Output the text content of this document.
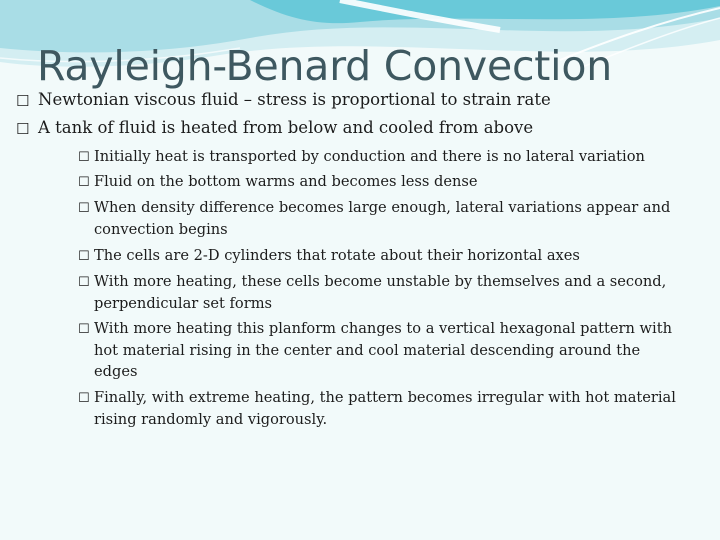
Rayleigh-Benard Convection

☐ Newtonian viscous fluid – stress is proportional to strain rate

☐ A tank of fluid is heated from below and cooled from above

☐ Initially heat is transported by conduction and there is no lateral variation

☐ Fluid on the bottom warms and becomes less dense

☐ When density difference becomes large enough, lateral variations appear and convection begins

☐ The cells are 2-D cylinders that rotate about their horizontal axes

☐ With more heating, these cells become unstable by themselves and a second, perpendicular set forms

☐ With more heating this planform changes to a vertical hexagonal pattern with hot material rising in the center and cool material descending around the edges

☐ Finally, with extreme heating, the pattern becomes irregular with hot material rising randomly and vigorously.
